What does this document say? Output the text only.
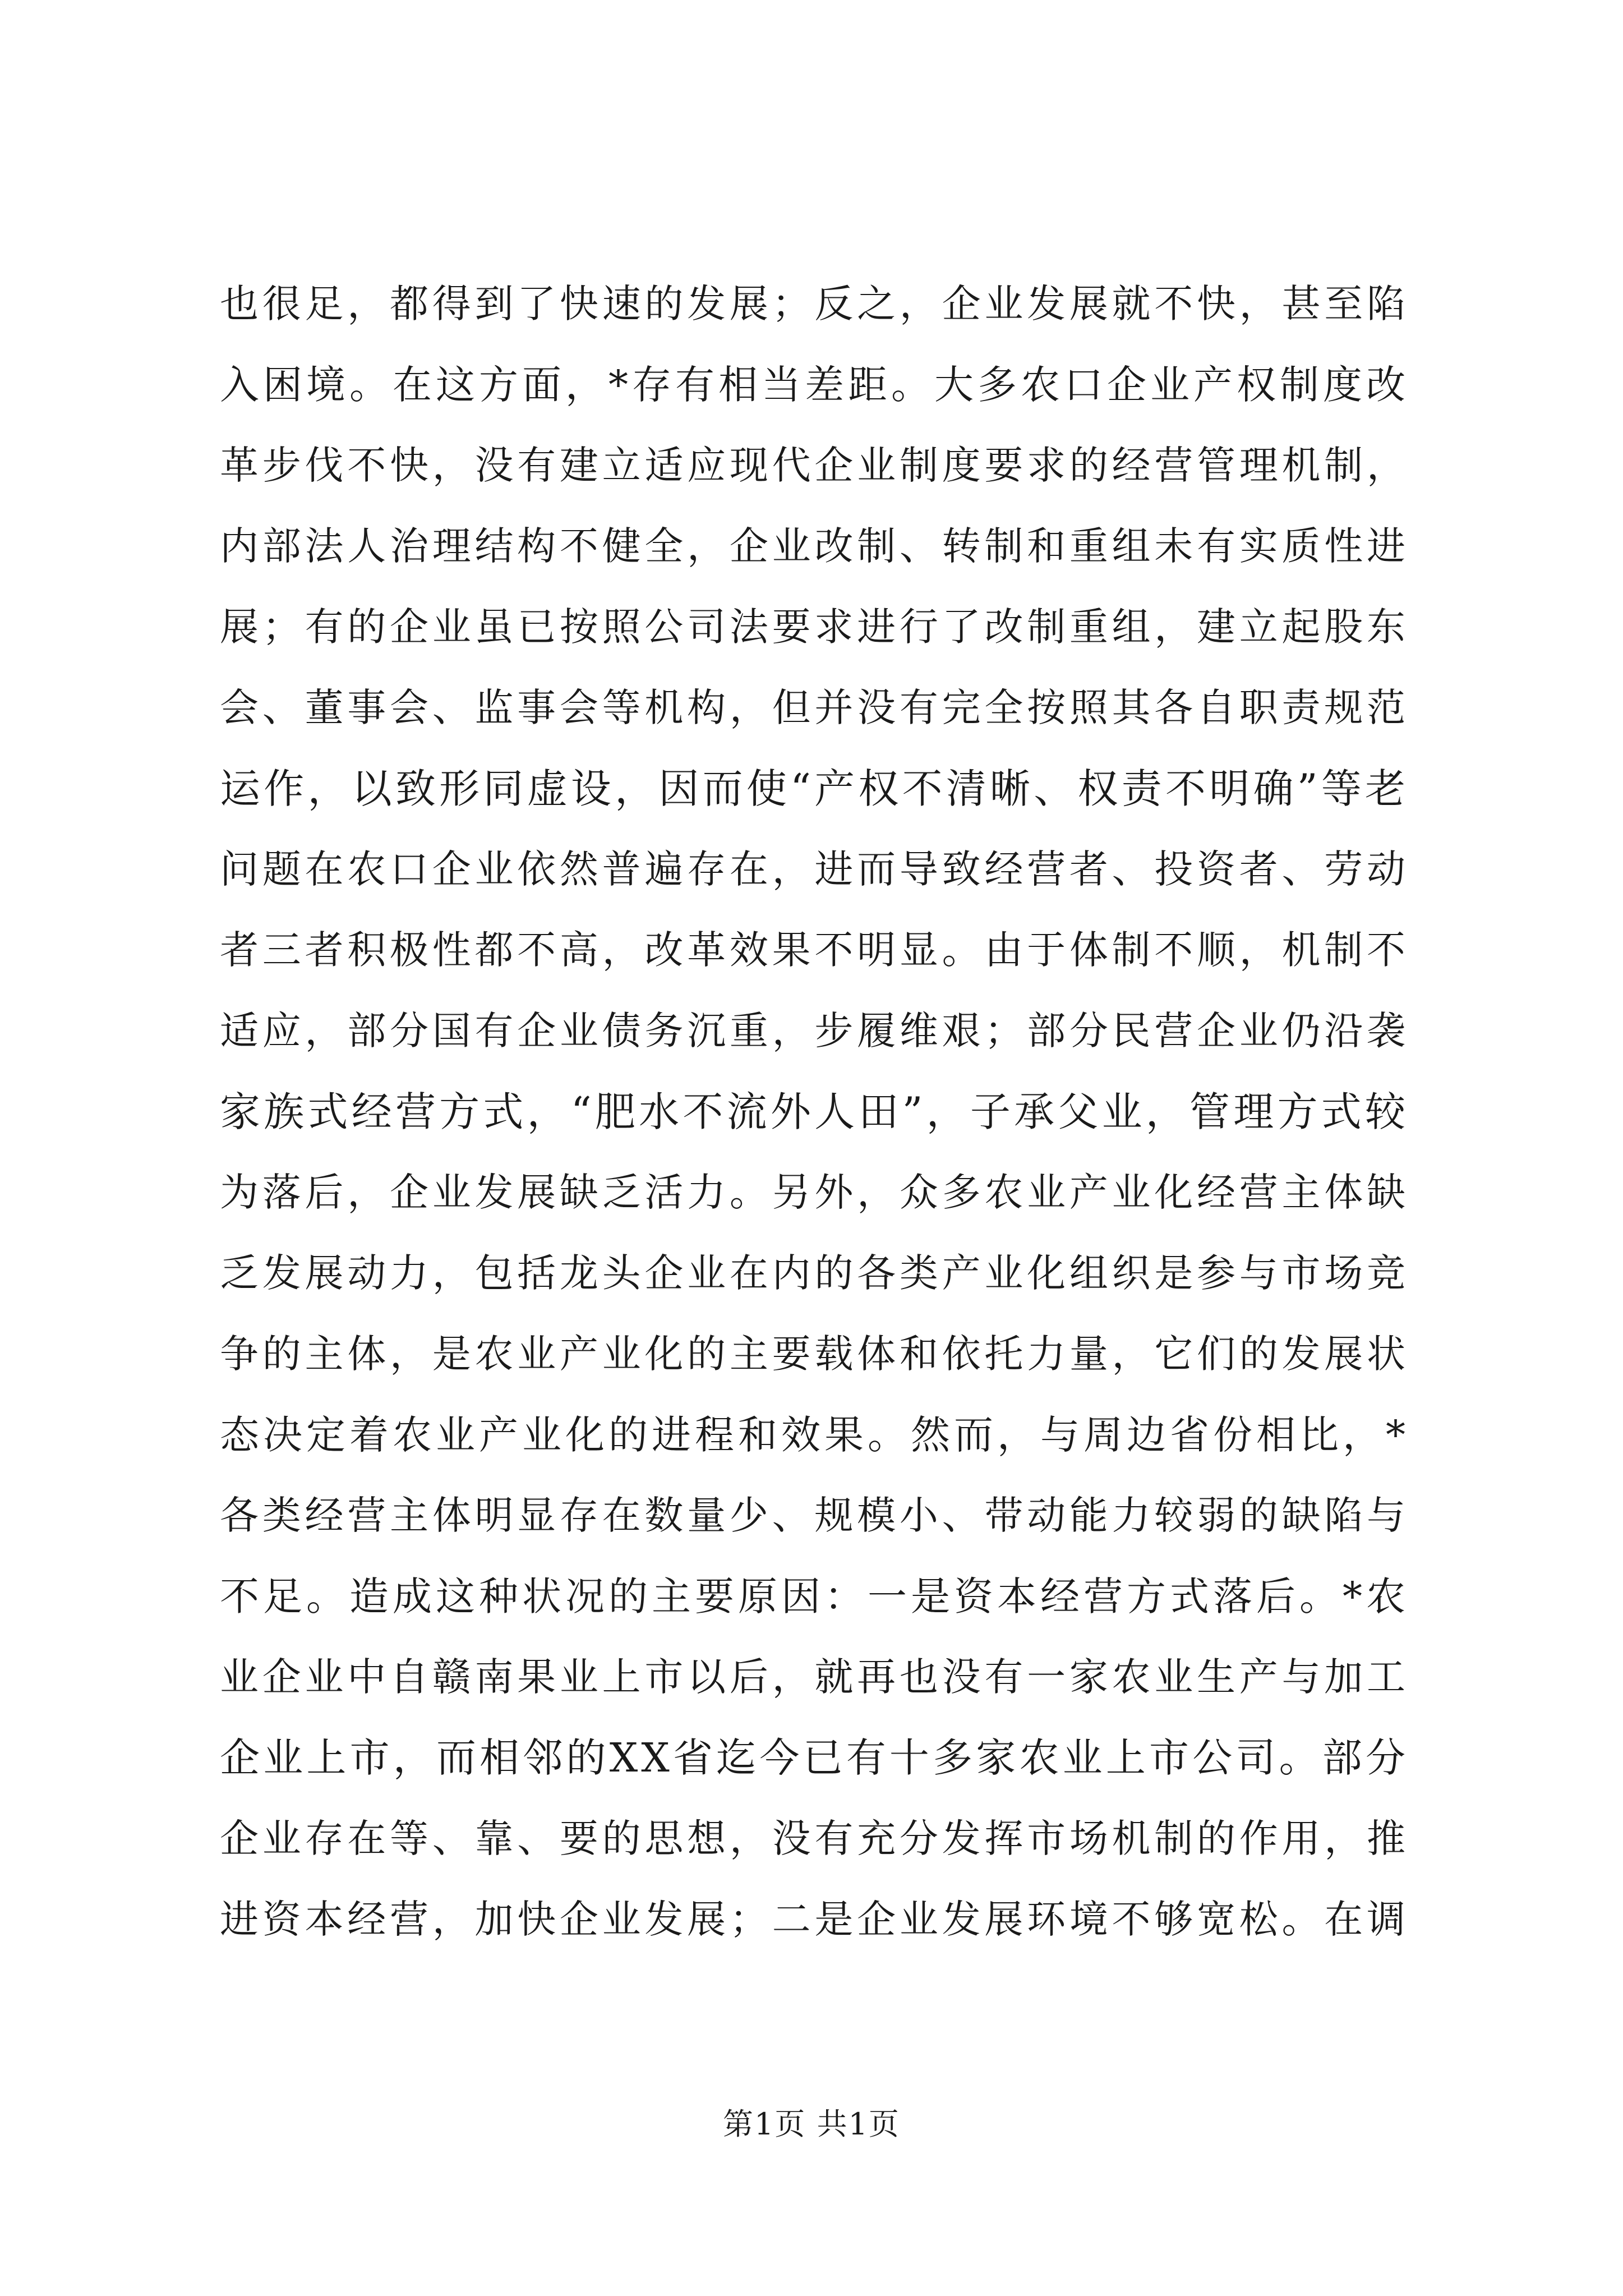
也很足，都得到了快速的发展；反之，企业发展就不快，甚至陷
入困境。在这方面，*存有相当差距。大多农口企业产权制度改
革步伐不快，没有建立适应现代企业制度要求的经营管理机制，
内部法人治理结构不健全，企业改制、转制和重组未有实质性进
展；有的企业虽已按照公司法要求进行了改制重组，建立起股东
会、董事会、监事会等机构，但并没有完全按照其各自职责规范
运作，以致形同虚设，因而使“产权不清晰、权责不明确”等老
问题在农口企业依然普遍存在，进而导致经营者、投资者、劳动
者三者积极性都不高，改革效果不明显。由于体制不顺，机制不
适应，部分国有企业债务沉重，步履维艰；部分民营企业仍沿袭
家族式经营方式，“肥水不流外人田”，子承父业，管理方式较
为落后，企业发展缺乏活力。另外，众多农业产业化经营主体缺
乏发展动力，包括龙头企业在内的各类产业化组织是参与市场竞
争的主体，是农业产业化的主要载体和依托力量，它们的发展状
态决定着农业产业化的进程和效果。然而，与周边省份相比，*
各类经营主体明显存在数量少、规模小、带动能力较弱的缺陷与
不足。造成这种状况的主要原因：一是资本经营方式落后。*农
业企业中自赣南果业上市以后，就再也没有一家农业生产与加工
企业上市，而相邻的XX省迄今已有十多家农业上市公司。部分
企业存在等、靠、要的思想，没有充分发挥市场机制的作用，推
进资本经营，加快企业发展；二是企业发展环境不够宽松。在调
第1页 共1页
